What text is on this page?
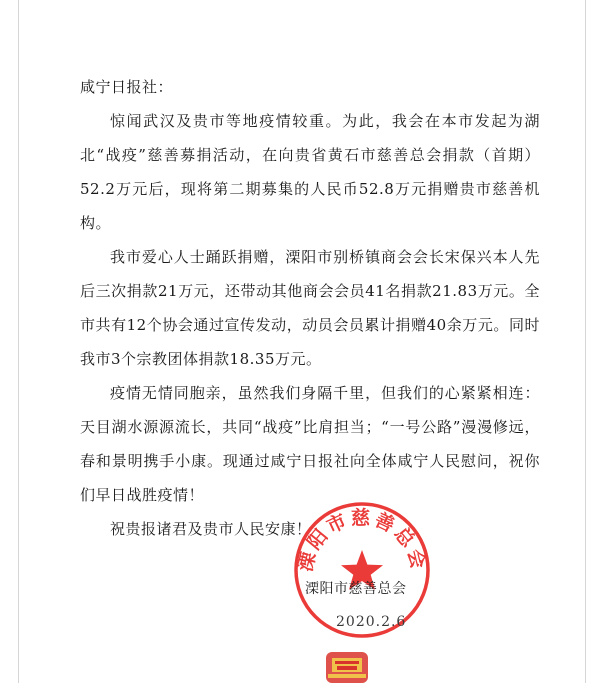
咸宁日报社：

惊闻武汉及贵市等地疫情较重。为此，我会在本市发起为湖北“战疫”慈善募捐活动，在向贵省黄石市慈善总会捐款（首期）52.2万元后，现将第二期募集的人民币52.8万元捐赠贵市慈善机构。

我市爱心人士踊跃捐赠，溧阳市别桥镇商会会长宋保兴本人先后三次捐款21万元，还带动其他商会会员41名捐款21.83万元。全市共有12个协会通过宣传发动，动员会员累计捐赠40余万元。同时我市3个宗教团体捐款18.35万元。

疫情无情同胞亲，虽然我们身隔千里，但我们的心紧紧相连：天目湖水源源流长，共同“战疫”比肩担当；“一号公路”漫漫修远，春和景明携手小康。现通过咸宁日报社向全体咸宁人民慰问，祝你们早日战胜疫情！

祝贵报诸君及贵市人民安康！

溧阳市慈善总会
溧阳市慈善总会
2020.2.6
